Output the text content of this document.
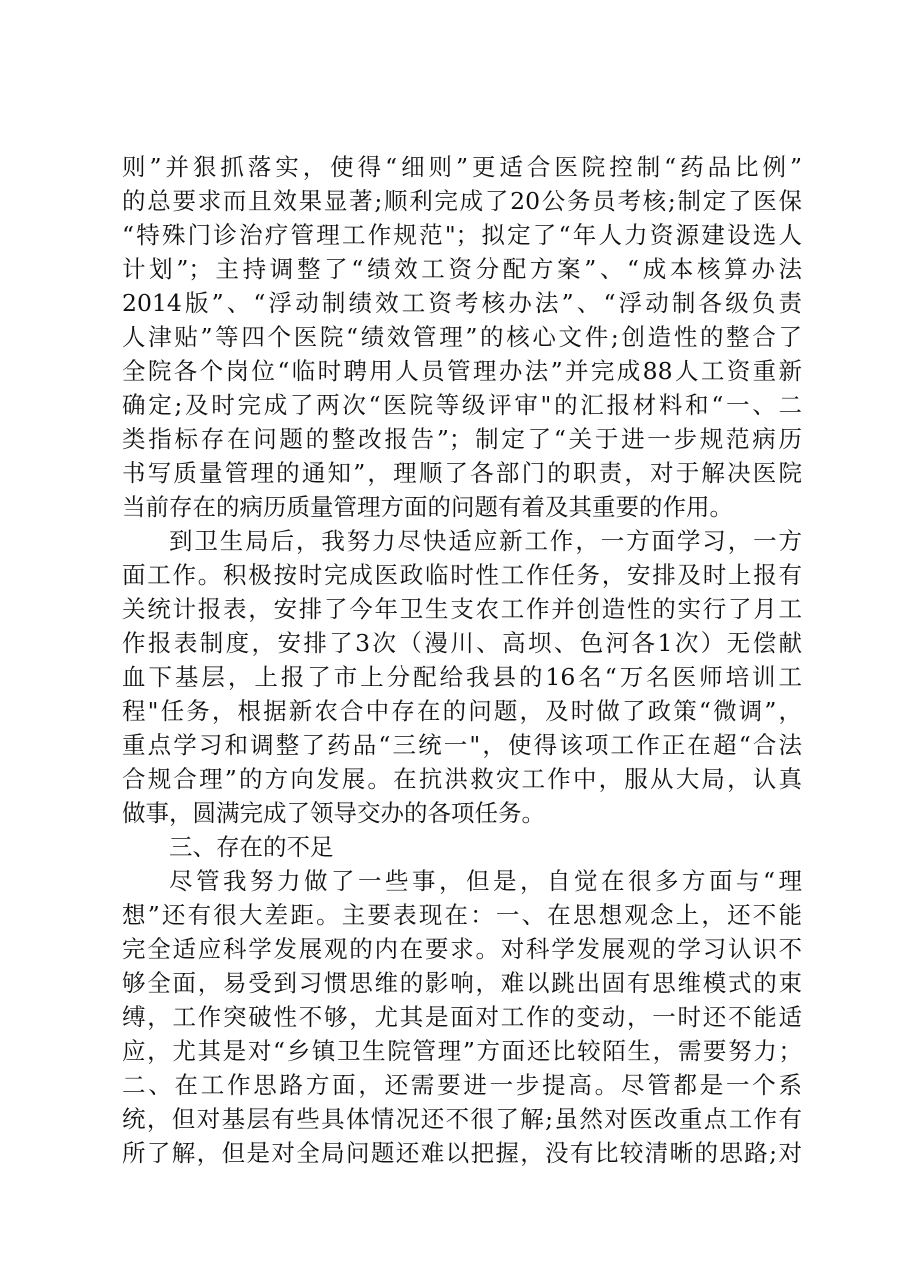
则”并狠抓落实，使得“细则”更适合医院控制“药品比例”
的总要求而且效果显著;顺利完成了20公务员考核;制定了医保
“特殊门诊治疗管理工作规范"；拟定了“年人力资源建设选人
计划”；主持调整了“绩效工资分配方案”、“成本核算办法
2014版”、“浮动制绩效工资考核办法”、“浮动制各级负责
人津贴”等四个医院“绩效管理”的核心文件;创造性的整合了
全院各个岗位“临时聘用人员管理办法”并完成88人工资重新
确定;及时完成了两次“医院等级评审"的汇报材料和“一、二
类指标存在问题的整改报告”；制定了“关于进一步规范病历
书写质量管理的通知”，理顺了各部门的职责，对于解决医院
当前存在的病历质量管理方面的问题有着及其重要的作用。
到卫生局后，我努力尽快适应新工作，一方面学习，一方
面工作。积极按时完成医政临时性工作任务，安排及时上报有
关统计报表，安排了今年卫生支农工作并创造性的实行了月工
作报表制度，安排了3次（漫川、高坝、色河各1次）无偿献
血下基层，上报了市上分配给我县的16名“万名医师培训工
程"任务，根据新农合中存在的问题，及时做了政策“微调”，
重点学习和调整了药品“三统一"，使得该项工作正在超“合法
合规合理”的方向发展。在抗洪救灾工作中，服从大局，认真
做事，圆满完成了领导交办的各项任务。
三、存在的不足
尽管我努力做了一些事，但是，自觉在很多方面与“理
想”还有很大差距。主要表现在：一、在思想观念上，还不能
完全适应科学发展观的内在要求。对科学发展观的学习认识不
够全面，易受到习惯思维的影响，难以跳出固有思维模式的束
缚，工作突破性不够，尤其是面对工作的变动，一时还不能适
应，尤其是对“乡镇卫生院管理”方面还比较陌生，需要努力；
二、在工作思路方面，还需要进一步提高。尽管都是一个系
统，但对基层有些具体情况还不很了解;虽然对医改重点工作有
所了解，但是对全局问题还难以把握，没有比较清晰的思路;对
